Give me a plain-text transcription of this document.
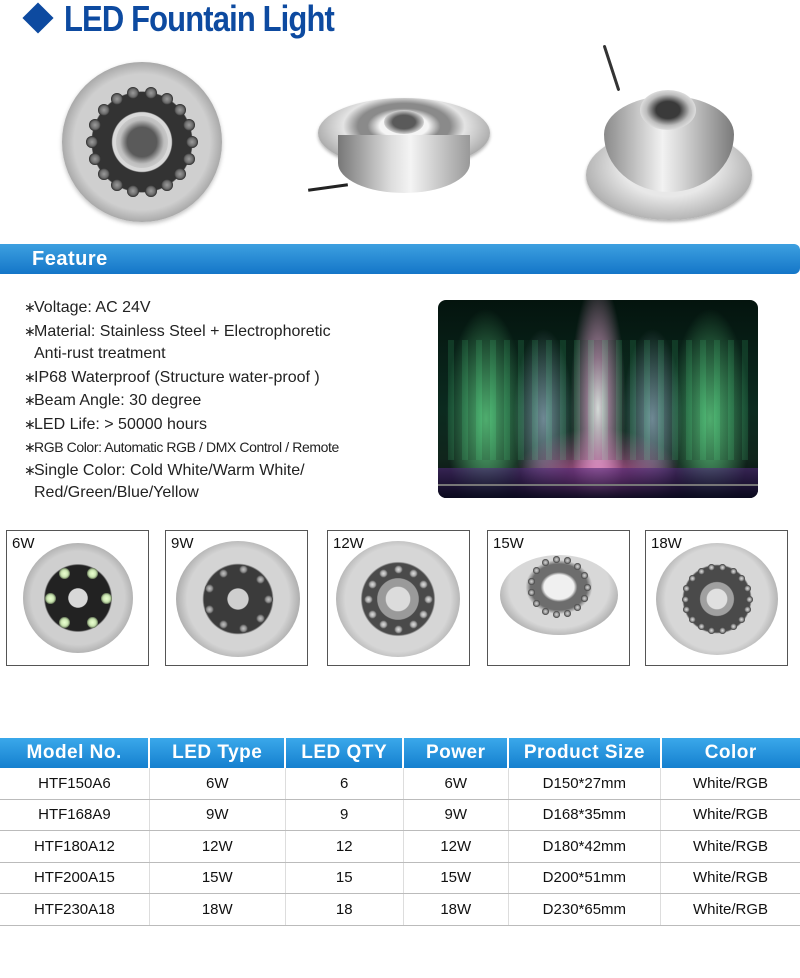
LED Fountain Light
Feature
∗Voltage: AC 24V
∗Material: Stainless Steel + Electrophoretic
Anti-rust treatment
∗IP68 Waterproof (Structure water-proof )
∗Beam Angle: 30 degree
∗LED Life: > 50000 hours
∗RGB Color: Automatic RGB / DMX Control / Remote
∗Single Color: Cold White/Warm White/
Red/Green/Blue/Yellow
6W	9W	12W	15W	18W
Model No.	LED Type	LED QTY	Power	Product Size	Color
HTF150A6	6W	6	6W	D150*27mm	White/RGB
HTF168A9	9W	9	9W	D168*35mm	White/RGB
HTF180A12	12W	12	12W	D180*42mm	White/RGB
HTF200A15	15W	15	15W	D200*51mm	White/RGB
HTF230A18	18W	18	18W	D230*65mm	White/RGB
